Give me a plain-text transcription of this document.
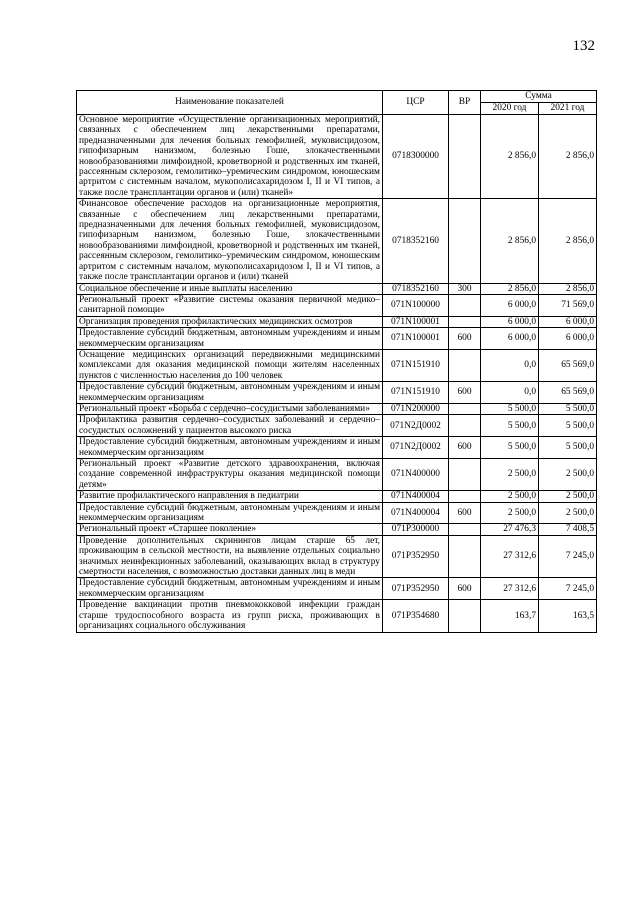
132
Наименование показателей	ЦСР	ВР	Сумма	
			2020 год	2021 год
Основное мероприятие «Осуществление организационных мероприятий, связанных с обеспечением лиц лекарственными препаратами, предназначенными для лечения больных гемофилией, муковисцидозом, гипофизарным нанизмом, болезнью Гоше, злокачественными новообразованиями лимфоидной, кроветворной и родственных им тканей, рассеянным склерозом, гемолитико–уремическим синдромом, юношеским артритом с системным началом, мукополисахаридозом I, II и VI типов, а также после трансплантации органов и (или) тканей»	0718300000		2 856,0	2 856,0
Финансовое обеспечение расходов на организационные мероприятия, связанные с обеспечением лиц лекарственными препаратами, предназначенными для лечения больных гемофилией, муковисцидозом, гипофизарным нанизмом, болезнью Гоше, злокачественными новообразованиями лимфоидной, кроветворной и родственных им тканей, рассеянным склерозом, гемолитико–уремическим синдромом, юношеским артритом с системным началом, мукополисахаридозом I, II и VI типов, а также после трансплантации органов и (или) тканей	0718352160		2 856,0	2 856,0
Социальное обеспечение и иные выплаты населению	0718352160	300	2 856,0	2 856,0
Региональный проект «Развитие системы оказания первичной медико–санитарной помощи»	071N100000		6 000,0	71 569,0
Организация проведения профилактических медицинских осмотров	071N100001		6 000,0	6 000,0
Предоставление субсидий бюджетным, автономным учреждениям и иным некоммерческим организациям	071N100001	600	6 000,0	6 000,0
Оснащение медицинских организаций передвижными медицинскими комплексами для оказания медицинской помощи жителям населенных пунктов с численностью населения до 100 человек	071N151910		0,0	65 569,0
Предоставление субсидий бюджетным, автономным учреждениям и иным некоммерческим организациям	071N151910	600	0,0	65 569,0
Региональный проект «Борьба с сердечно–сосудистыми заболеваниями»	071N200000		5 500,0	5 500,0
Профилактика развития сердечно–сосудистых заболеваний и сердечно–сосудистых осложнений у пациентов высокого риска	071N2Д0002		5 500,0	5 500,0
Предоставление субсидий бюджетным, автономным учреждениям и иным некоммерческим организациям	071N2Д0002	600	5 500,0	5 500,0
Региональный проект «Развитие детского здравоохранения, включая создание современной инфраструктуры оказания медицинской помощи детям»	071N400000		2 500,0	2 500,0
Развитие профилактического направления в педиатрии	071N400004		2 500,0	2 500,0
Предоставление субсидий бюджетным, автономным учреждениям и иным некоммерческим организациям	071N400004	600	2 500,0	2 500,0
Региональный проект «Старшее поколение»	071P300000		27 476,3	7 408,5
Проведение дополнительных скринингов лицам старше 65 лет, проживающим в сельской местности, на выявление отдельных социально значимых неинфекционных заболеваний, оказывающих вклад в структуру смертности населения, с возможностью доставки данных лиц в меди	071P352950		27 312,6	7 245,0
Предоставление субсидий бюджетным, автономным учреждениям и иным некоммерческим организациям	071P352950	600	27 312,6	7 245,0
Проведение вакцинации против пневмококковой инфекции граждан старше трудоспособного возраста из групп риска, проживающих в организациях социального обслуживания	071P354680		163,7	163,5
